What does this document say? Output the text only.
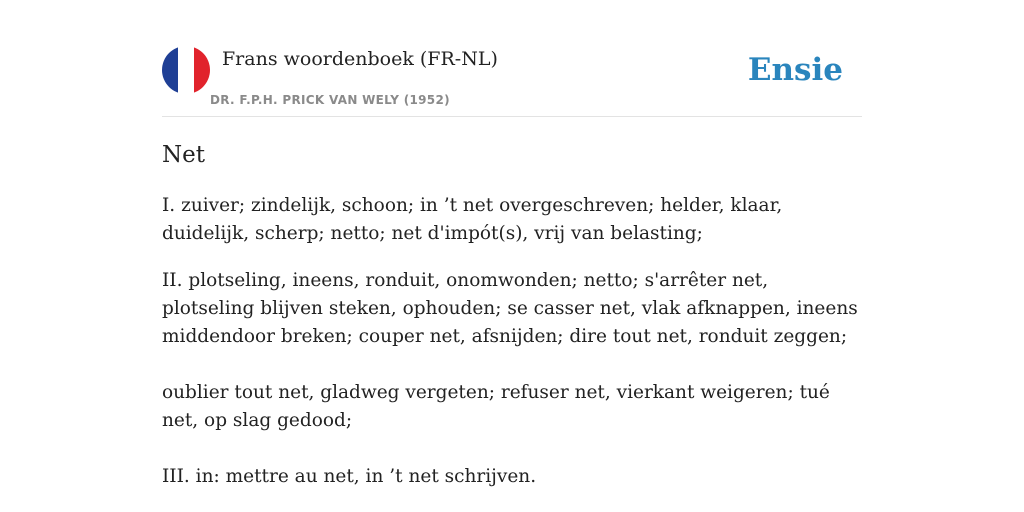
Frans woordenboek (FR-NL)
DR. F.P.H. PRICK VAN WELY (1952)
Ensie
Net

I. zuiver; zindelijk, schoon; in ’t net overgeschreven; helder, klaar, duidelijk, scherp; netto; net d'impót(s), vrij van belasting;

II. plotseling, ineens, ronduit, onomwonden; netto; s'arrêter net, plotseling blijven steken, ophouden; se casser net, vlak afknappen, ineens middendoor breken; couper net, afsnijden; dire tout net, ronduit zeggen;

oublier tout net, gladweg vergeten; refuser net, vierkant weigeren; tué net, op slag gedood;

III. in: mettre au net, in ’t net schrijven.
